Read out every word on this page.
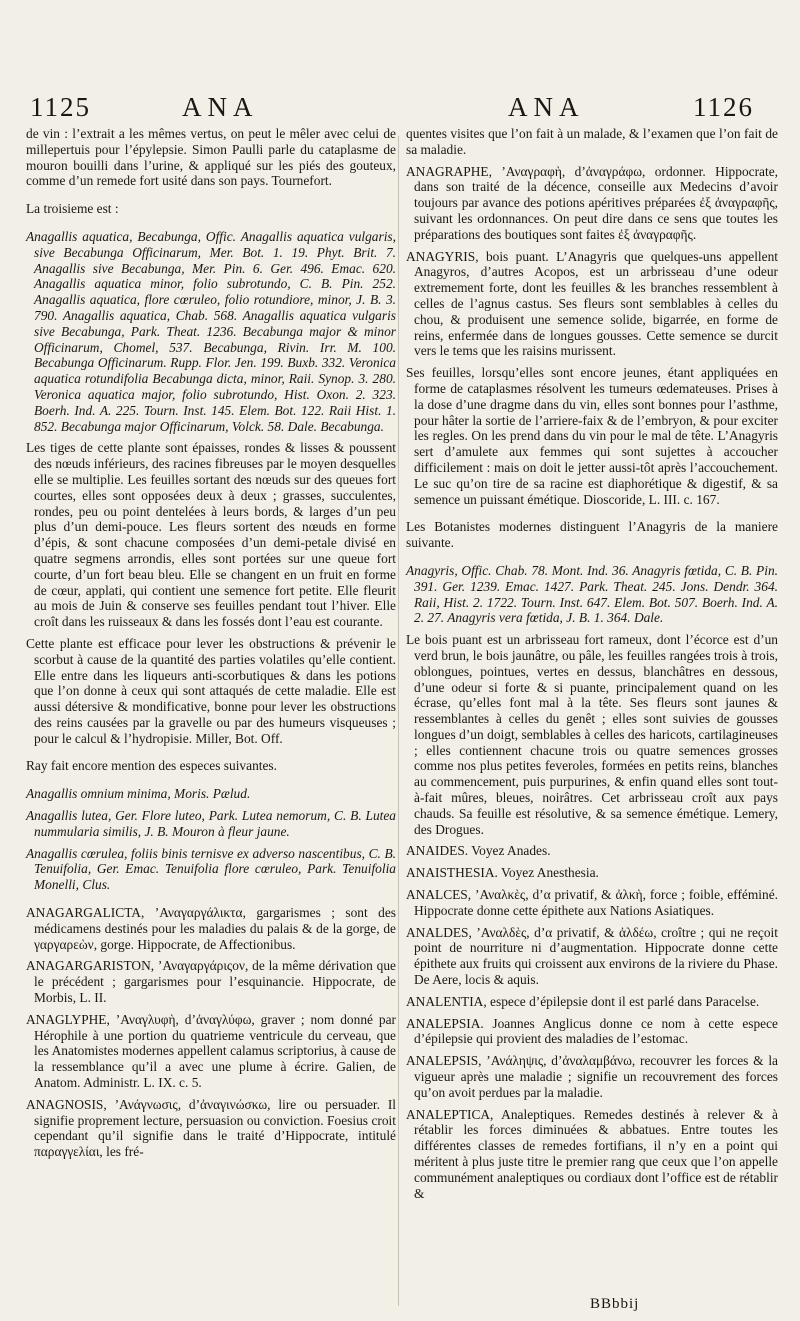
1125	ANA	ANA	1126

de vin : l’extrait a les mêmes vertus, on peut le mêler avec celui de millepertuis pour l’épylepsie. Simon Paulli parle du cataplasme de mouron bouilli dans l’urine, & appliqué sur les piés des gouteux, comme d’un remede fort usité dans son pays. Tournefort.

La troisieme est :

Anagallis aquatica, Becabunga, Offic. Anagallis aquatica vulgaris, sive Becabunga Officinarum, Mer. Bot. 1. 19. Phyt. Brit. 7. Anagallis sive Becabunga, Mer. Pin. 6. Ger. 496. Emac. 620. Anagallis aquatica minor, folio subrotundo, C. B. Pin. 252. Anagallis aquatica, flore cœruleo, folio rotundiore, minor, J. B. 3. 790. Anagallis aquatica, Chab. 568. Anagallis aquatica vulgaris sive Becabunga, Park. Theat. 1236. Becabunga major & minor Officinarum, Chomel, 537. Becabunga, Rivin. Irr. M. 100. Becabunga Officinarum. Rupp. Flor. Jen. 199. Buxb. 332. Veronica aquatica rotundifolia Becabunga dicta, minor, Raii. Synop. 3. 280. Veronica aquatica major, folio subrotundo, Hist. Oxon. 2. 323. Boerh. Ind. A. 225. Tourn. Inst. 145. Elem. Bot. 122. Raii Hist. 1. 852. Becabunga major Officinarum, Volck. 58. Dale. Becabunga.

Les tiges de cette plante sont épaisses, rondes & lisses & poussent des nœuds inférieurs, des racines fibreuses par le moyen desquelles elle se multiplie. Les feuilles sortant des nœuds sur des queues fort courtes, elles sont opposées deux à deux ; grasses, succulentes, rondes, peu ou point dentelées à leurs bords, & larges d’un peu plus d’un demi-pouce. Les fleurs sortent des nœuds en forme d’épis, & sont chacune composées d’un demi-petale divisé en quatre segmens arrondis, elles sont portées sur une queue fort courte, d’un fort beau bleu. Elle se changent en un fruit en forme de cœur, applati, qui contient une semence fort petite. Elle fleurit au mois de Juin & conserve ses feuilles pendant tout l’hiver. Elle croît dans les ruisseaux & dans les fossés dont l’eau est courante.

Cette plante est efficace pour lever les obstructions & prévenir le scorbut à cause de la quantité des parties volatiles qu’elle contient. Elle entre dans les liqueurs anti-scorbutiques & dans les potions que l’on donne à ceux qui sont attaqués de cette maladie. Elle est aussi détersive & mondificative, bonne pour lever les obstructions des reins causées par la gravelle ou par des humeurs visqueuses ; pour le calcul & l’hydropisie. Miller, Bot. Off.

Ray fait encore mention des especes suivantes.

Anagallis omnium minima, Moris. Pælud.

Anagallis lutea, Ger. Flore luteo, Park. Lutea nemorum, C. B. Lutea nummularia similis, J. B. Mouron à fleur jaune.

Anagallis cœrulea, foliis binis ternisve ex adverso nascentibus, C. B. Tenuifolia, Ger. Emac. Tenuifolia flore cœruleo, Park. Tenuifolia Monelli, Clus.

ANAGARGALICTA, ’Αναγαργάλικτα, gargarismes ; sont des médicamens destinés pour les maladies du palais & de la gorge, de γαργαρεὼν, gorge. Hippocrate, de Affectionibus.

ANAGARGARISTON, ’Αναγαργάριςον, de la même dérivation que le précédent ; gargarismes pour l’esquinancie. Hippocrate, de Morbis, L. II.

ANAGLYPHE, ’Αναγλυφὴ, d’ἀναγλύφω, graver ; nom donné par Hérophile à une portion du quatrieme ventricule du cerveau, que les Anatomistes modernes appellent calamus scriptorius, à cause de la ressemblance qu’il a avec une plume à écrire. Galien, de Anatom. Administr. L. IX. c. 5.

ANAGNOSIS, ’Ανάγνωσις, d’ἀναγινώσκω, lire ou persuader. Il signifie proprement lecture, persuasion ou conviction. Foesius croit cependant qu’il signifie dans le traité d’Hippocrate, intitulé παραγγελίαι, les fré-

quentes visites que l’on fait à un malade, & l’examen que l’on fait de sa maladie.

ANAGRAPHE, ’Αναγραφὴ, d’ἀναγράφω, ordonner. Hippocrate, dans son traité de la décence, conseille aux Medecins d’avoir toujours par avance des potions apéritives préparées ἐξ ἀναγραφῆς, suivant les ordonnances. On peut dire dans ce sens que toutes les préparations des boutiques sont faites ἐξ ἀναγραφῆς.

ANAGYRIS, bois puant. L’Anagyris que quelques-uns appellent Anagyros, d’autres Acopos, est un arbrisseau d’une odeur extremement forte, dont les feuilles & les branches ressemblent à celles de l’agnus castus. Ses fleurs sont semblables à celles du chou, & produisent une semence solide, bigarrée, en forme de reins, enfermée dans de longues gousses. Cette semence se durcit vers le tems que les raisins murissent.

Ses feuilles, lorsqu’elles sont encore jeunes, étant appliquées en forme de cataplasmes résolvent les tumeurs œdemateuses. Prises à la dose d’une dragme dans du vin, elles sont bonnes pour l’asthme, pour hâter la sortie de l’arriere-faix & de l’embryon, & pour exciter les regles. On les prend dans du vin pour le mal de tête. L’Anagyris sert d’amulete aux femmes qui sont sujettes à accoucher difficilement : mais on doit le jetter aussi-tôt après l’accouchement. Le suc qu’on tire de sa racine est diaphorétique & digestif, & sa semence un puissant émétique. Dioscoride, L. III. c. 167.

Les Botanistes modernes distinguent l’Anagyris de la maniere suivante.

Anagyris, Offic. Chab. 78. Mont. Ind. 36. Anagyris fœtida, C. B. Pin. 391. Ger. 1239. Emac. 1427. Park. Theat. 245. Jons. Dendr. 364. Raii, Hist. 2. 1722. Tourn. Inst. 647. Elem. Bot. 507. Boerh. Ind. A. 2. 27. Anagyris vera fœtida, J. B. 1. 364. Dale.

Le bois puant est un arbrisseau fort rameux, dont l’écorce est d’un verd brun, le bois jaunâtre, ou pâle, les feuilles rangées trois à trois, oblongues, pointues, vertes en dessus, blanchâtres en dessous, d’une odeur si forte & si puante, principalement quand on les écrase, qu’elles font mal à la tête. Ses fleurs sont jaunes & ressemblantes à celles du genêt ; elles sont suivies de gousses longues d’un doigt, semblables à celles des haricots, cartilagineuses ; elles contiennent chacune trois ou quatre semences grosses comme nos plus petites feveroles, formées en petits reins, blanches au commencement, puis purpurines, & enfin quand elles sont tout-à-fait mûres, bleues, noirâtres. Cet arbrisseau croît aux pays chauds. Sa feuille est résolutive, & sa semence émétique. Lemery, des Drogues.

ANAIDES. Voyez Anades.

ANAISTHESIA. Voyez Anesthesia.

ANALCES, ’Αναλκὲς, d’α privatif, & ἀλκὴ, force ; foible, efféminé. Hippocrate donne cette épithete aux Nations Asiatiques.

ANALDES, ’Αναλδὲς, d’α privatif, & ἀλδέω, croître ; qui ne reçoit point de nourriture ni d’augmentation. Hippocrate donne cette épithete aux fruits qui croissent aux environs de la riviere du Phase. De Aere, locis & aquis.

ANALENTIA, espece d’épilepsie dont il est parlé dans Paracelse.

ANALEPSIA. Joannes Anglicus donne ce nom à cette espece d’épilepsie qui provient des maladies de l’estomac.

ANALEPSIS, ’Ανάληψις, d’ἀναλαμβάνω, recouvrer les forces & la vigueur après une maladie ; signifie un recouvrement des forces qu’on avoit perdues par la maladie.

ANALEPTICA, Analeptiques. Remedes destinés à relever & à rétablir les forces diminuées & abbatues. Entre toutes les différentes classes de remedes fortifians, il n’y en a point qui méritent à plus juste titre le premier rang que ceux que l’on appelle communément analeptiques ou cordiaux dont l’office est de rétablir &

BBbbij
